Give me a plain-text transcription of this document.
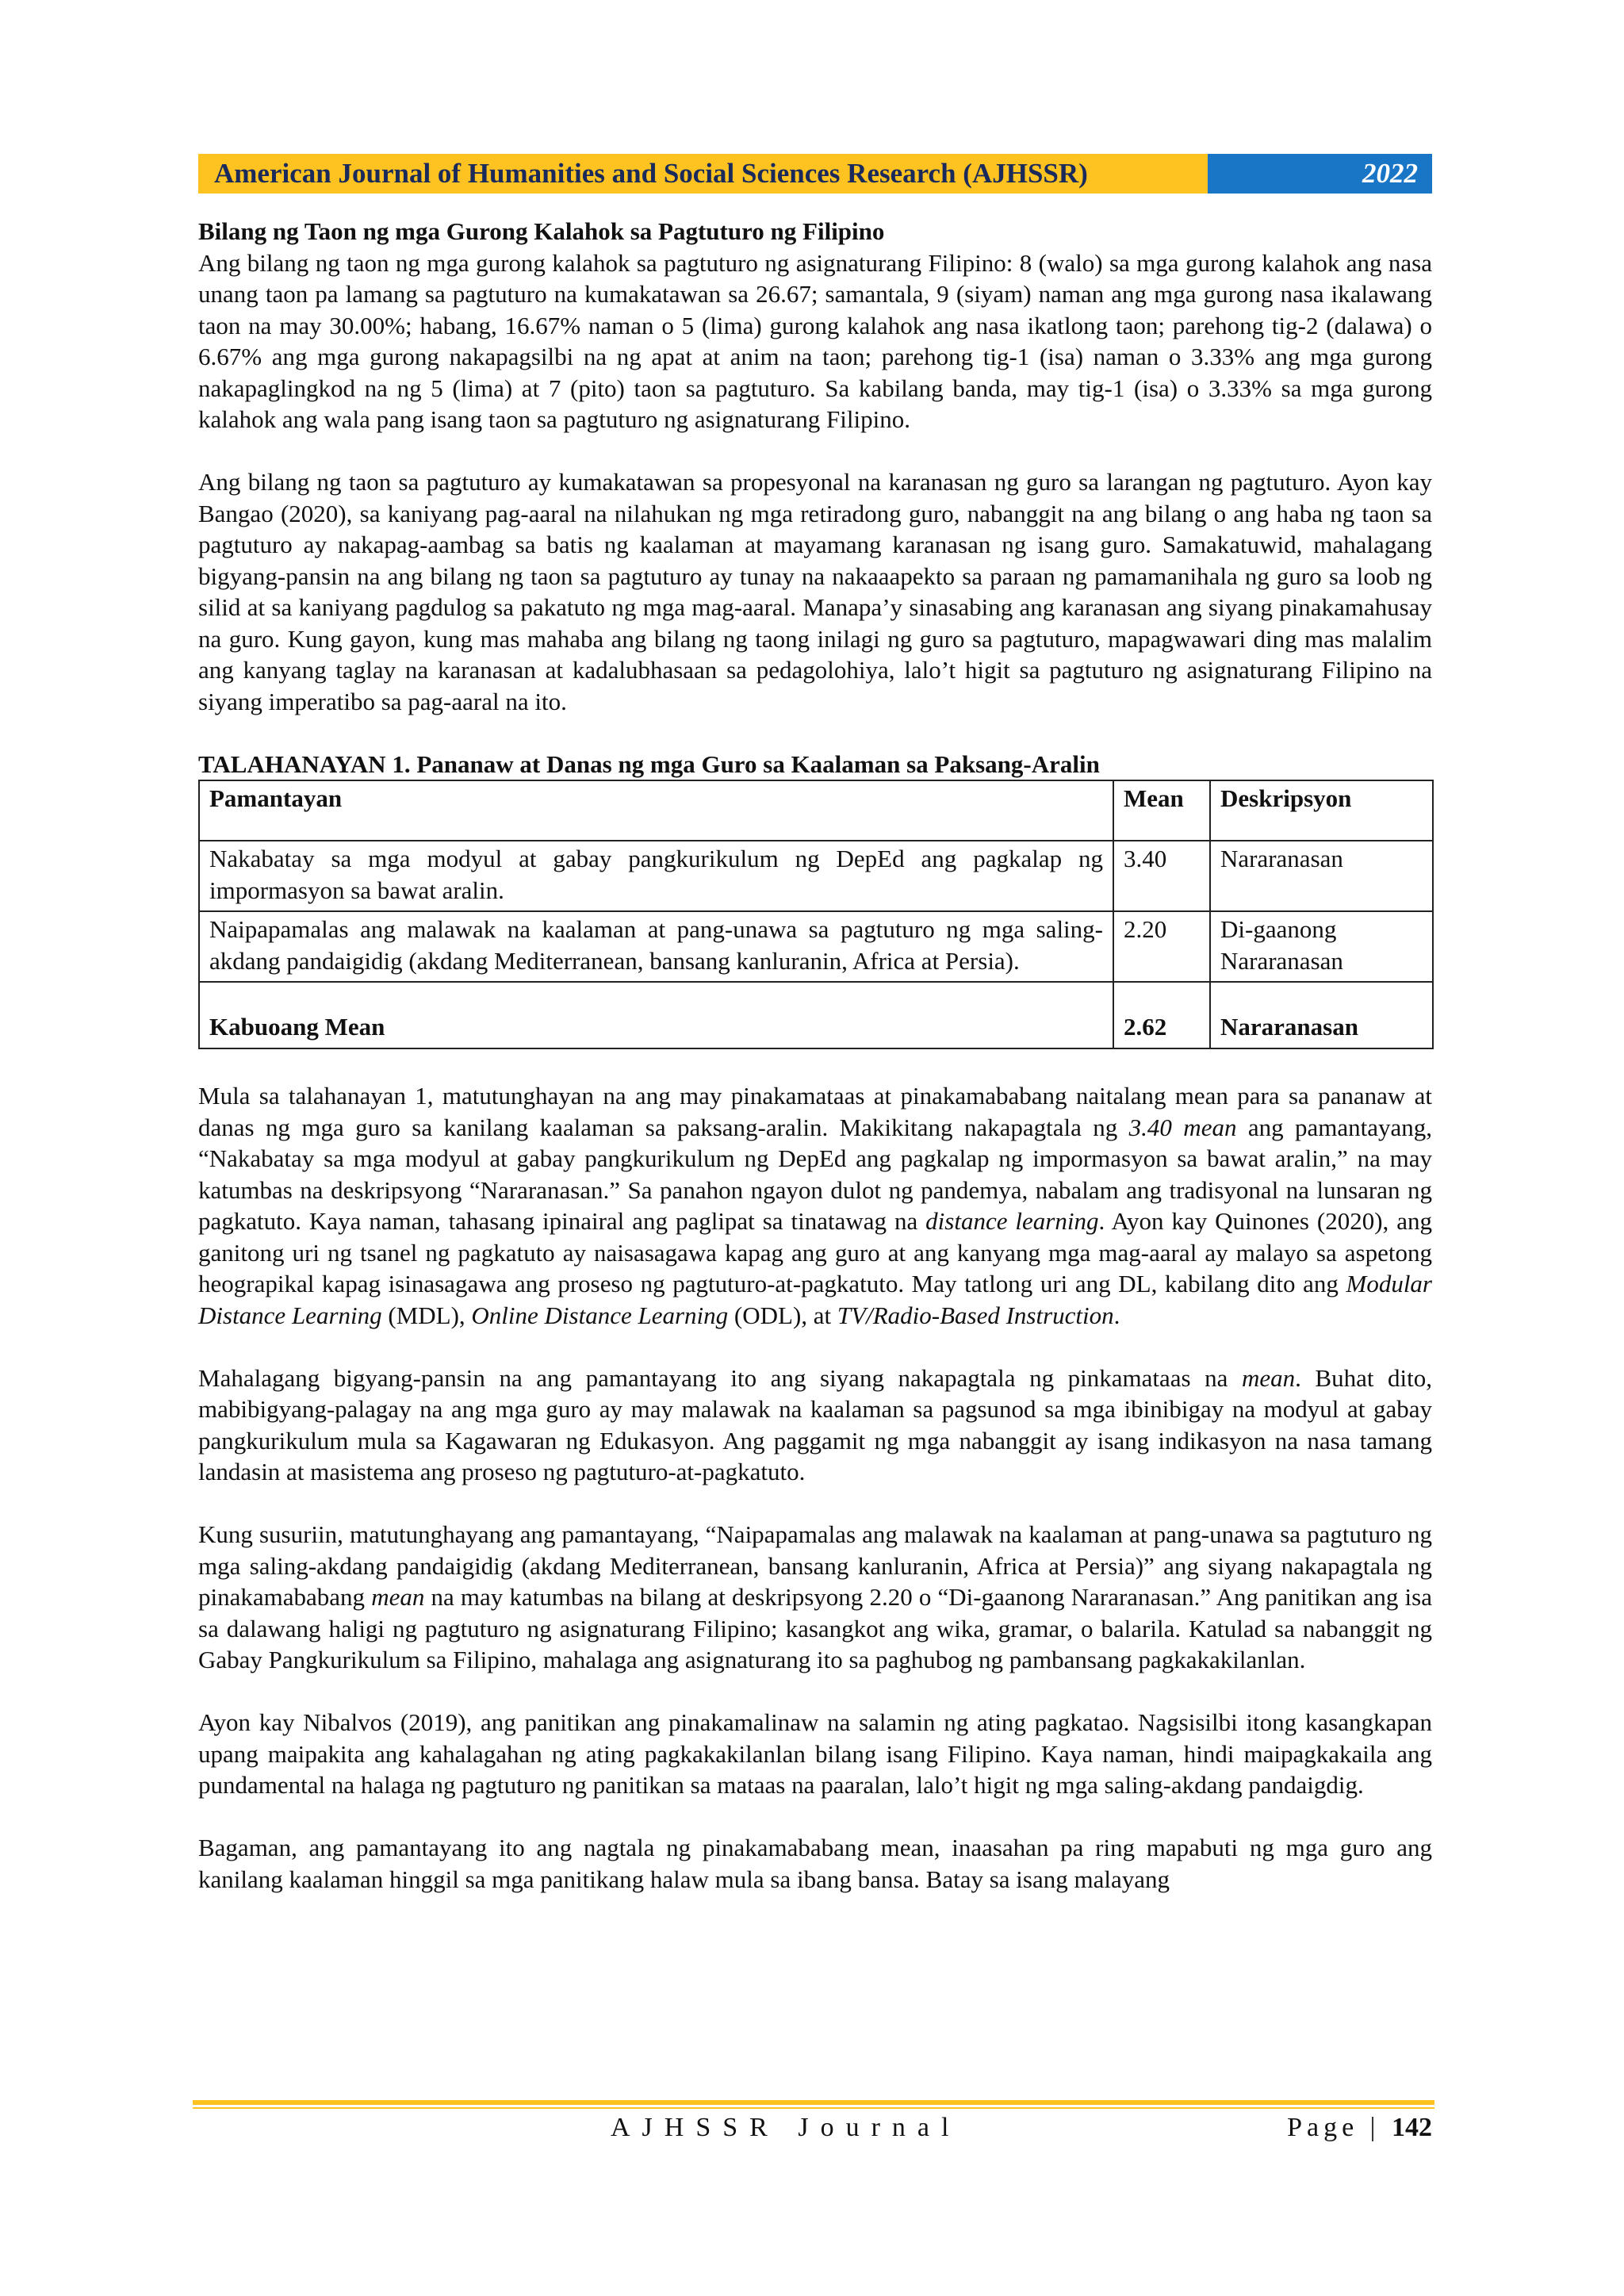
American Journal of Humanities and Social Sciences Research (AJHSSR)	2022

Bilang ng Taon ng mga Gurong Kalahok sa Pagtuturo ng Filipino

Ang bilang ng taon ng mga gurong kalahok sa pagtuturo ng asignaturang Filipino: 8 (walo) sa mga gurong kalahok ang nasa unang taon pa lamang sa pagtuturo na kumakatawan sa 26.67; samantala, 9 (siyam) naman ang mga gurong nasa ikalawang taon na may 30.00%; habang, 16.67% naman o 5 (lima) gurong kalahok ang nasa ikatlong taon; parehong tig-2 (dalawa) o 6.67% ang mga gurong nakapagsilbi na ng apat at anim na taon; parehong tig-1 (isa) naman o 3.33% ang mga gurong nakapaglingkod na ng 5 (lima) at 7 (pito) taon sa pagtuturo. Sa kabilang banda, may tig-1 (isa) o 3.33% sa mga gurong kalahok ang wala pang isang taon sa pagtuturo ng asignaturang Filipino.

Ang bilang ng taon sa pagtuturo ay kumakatawan sa propesyonal na karanasan ng guro sa larangan ng pagtuturo. Ayon kay Bangao (2020), sa kaniyang pag-aaral na nilahukan ng mga retiradong guro, nabanggit na ang bilang o ang haba ng taon sa pagtuturo ay nakapag-aambag sa batis ng kaalaman at mayamang karanasan ng isang guro. Samakatuwid, mahalagang bigyang-pansin na ang bilang ng taon sa pagtuturo ay tunay na nakaaapekto sa paraan ng pamamanihala ng guro sa loob ng silid at sa kaniyang pagdulog sa pakatuto ng mga mag-aaral. Manapa’y sinasabing ang karanasan ang siyang pinakamahusay na guro. Kung gayon, kung mas mahaba ang bilang ng taong inilagi ng guro sa pagtuturo, mapagwawari ding mas malalim ang kanyang taglay na karanasan at kadalubhasaan sa pedagolohiya, lalo’t higit sa pagtuturo ng asignaturang Filipino na siyang imperatibo sa pag-aaral na ito.

TALAHANAYAN 1. Pananaw at Danas ng mga Guro sa Kaalaman sa Paksang-Aralin

Pamantayan	Mean	Deskripsyon
Nakabatay sa mga modyul at gabay pangkurikulum ng DepEd ang pagkalap ng impormasyon sa bawat aralin.	3.40	Nararanasan
Naipapamalas ang malawak na kaalaman at pang-unawa sa pagtuturo ng mga saling-akdang pandaigidig (akdang Mediterranean, bansang kanluranin, Africa at Persia).	2.20	Di-gaanong Nararanasan
Kabuoang Mean	2.62	Nararanasan

Mula sa talahanayan 1, matutunghayan na ang may pinakamataas at pinakamababang naitalang mean para sa pananaw at danas ng mga guro sa kanilang kaalaman sa paksang-aralin. Makikitang nakapagtala ng 3.40 mean ang pamantayang, “Nakabatay sa mga modyul at gabay pangkurikulum ng DepEd ang pagkalap ng impormasyon sa bawat aralin,” na may katumbas na deskripsyong “Nararanasan.” Sa panahon ngayon dulot ng pandemya, nabalam ang tradisyonal na lunsaran ng pagkatuto. Kaya naman, tahasang ipinairal ang paglipat sa tinatawag na distance learning. Ayon kay Quinones (2020), ang ganitong uri ng tsanel ng pagkatuto ay naisasagawa kapag ang guro at ang kanyang mga mag-aaral ay malayo sa aspetong heograpikal kapag isinasagawa ang proseso ng pagtuturo-at-pagkatuto. May tatlong uri ang DL, kabilang dito ang Modular Distance Learning (MDL), Online Distance Learning (ODL), at TV/Radio-Based Instruction.

Mahalagang bigyang-pansin na ang pamantayang ito ang siyang nakapagtala ng pinkamataas na mean. Buhat dito, mabibigyang-palagay na ang mga guro ay may malawak na kaalaman sa pagsunod sa mga ibinibigay na modyul at gabay pangkurikulum mula sa Kagawaran ng Edukasyon. Ang paggamit ng mga nabanggit ay isang indikasyon na nasa tamang landasin at masistema ang proseso ng pagtuturo-at-pagkatuto.

Kung susuriin, matutunghayang ang pamantayang, “Naipapamalas ang malawak na kaalaman at pang-unawa sa pagtuturo ng mga saling-akdang pandaigidig (akdang Mediterranean, bansang kanluranin, Africa at Persia)” ang siyang nakapagtala ng pinakamababang mean na may katumbas na bilang at deskripsyong 2.20 o “Di-gaanong Nararanasan.” Ang panitikan ang isa sa dalawang haligi ng pagtuturo ng asignaturang Filipino; kasangkot ang wika, gramar, o balarila. Katulad sa nabanggit ng Gabay Pangkurikulum sa Filipino, mahalaga ang asignaturang ito sa paghubog ng pambansang pagkakakilanlan.

Ayon kay Nibalvos (2019), ang panitikan ang pinakamalinaw na salamin ng ating pagkatao. Nagsisilbi itong kasangkapan upang maipakita ang kahalagahan ng ating pagkakakilanlan bilang isang Filipino. Kaya naman, hindi maipagkakaila ang pundamental na halaga ng pagtuturo ng panitikan sa mataas na paaralan, lalo’t higit ng mga saling-akdang pandaigdig.

Bagaman, ang pamantayang ito ang nagtala ng pinakamababang mean, inaasahan pa ring mapabuti ng mga guro ang kanilang kaalaman hinggil sa mga panitikang halaw mula sa ibang bansa. Batay sa isang malayang

AJHSSR Journal	Page | 142
